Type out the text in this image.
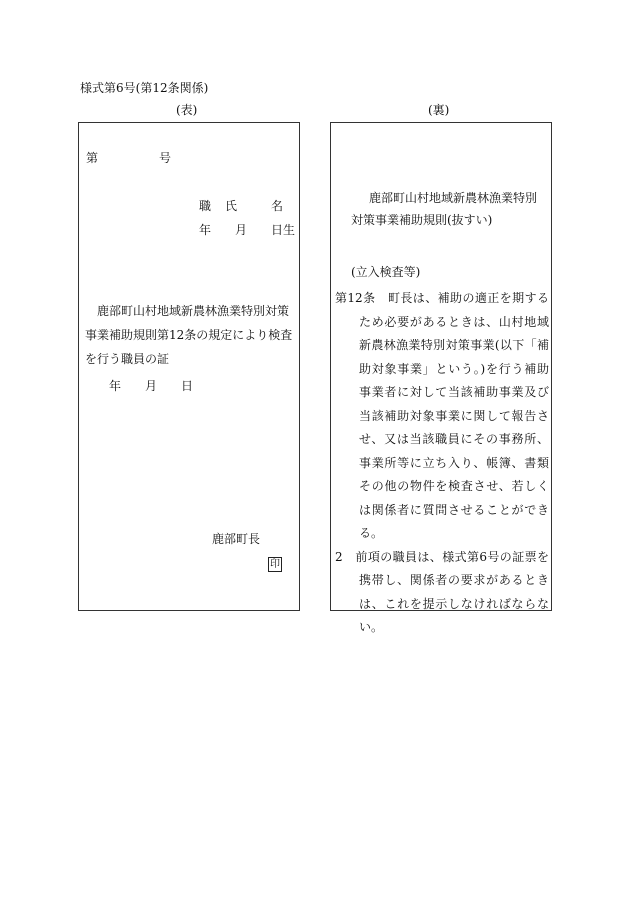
様式第6号(第12条関係)
(表)	(裏)
第	号
職 氏	名
年 月 日生
鹿部町山村地域新農林漁業特別対策事業補助規則第12条の規定により検査を行う職員の証
年 月 日
鹿部町長
印
鹿部町山村地域新農林漁業特別対策事業補助規則(抜すい)
(立入検査等)

第12条　町長は、補助の適正を期するため必要があるときは、山村地域新農林漁業特別対策事業(以下「補助対象事業」という。)を行う補助事業者に対して当該補助事業及び当該補助対象事業に関して報告させ、又は当該職員にその事務所、事業所等に立ち入り、帳簿、書類その他の物件を検査させ、若しくは関係者に質問させることができる。

2　前項の職員は、様式第6号の証票を携帯し、関係者の要求があるときは、これを提示しなければならない。
